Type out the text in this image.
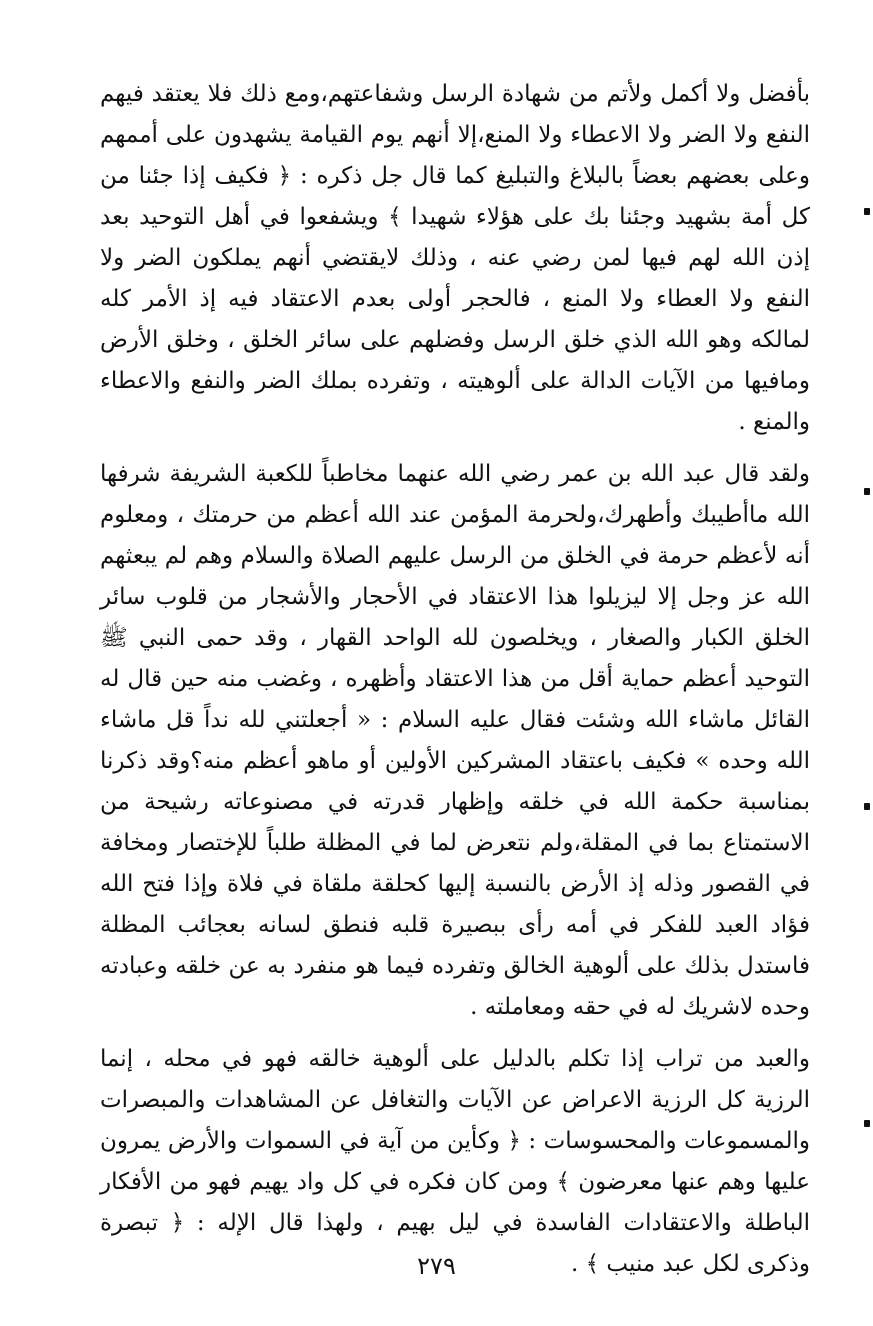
بأفضل ولا أكمل ولأتم من شهادة الرسل وشفاعتهم،ومع ذلك فلا يعتقد فيهم النفع ولا الضر ولا الاعطاء ولا المنع،إلا أنهم يوم القيامة يشهدون على أممهم وعلى بعضهم بعضاً بالبلاغ والتبليغ كما قال جل ذكره : ﴿ فكيف إذا جئنا من كل أمة بشهيد وجئنا بك على هؤلاء شهيدا ﴾ ويشفعوا في أهل التوحيد بعد إذن الله لهم فيها لمن رضي عنه ، وذلك لايقتضي أنهم يملكون الضر ولا النفع ولا العطاء ولا المنع ، فالحجر أولى بعدم الاعتقاد فيه إذ الأمر كله لمالكه وهو الله الذي خلق الرسل وفضلهم على سائر الخلق ، وخلق الأرض ومافيها من الآيات الدالة على ألوهيته ، وتفرده بملك الضر والنفع والاعطاء والمنع .

ولقد قال عبد الله بن عمر رضي الله عنهما مخاطباً للكعبة الشريفة شرفها الله ماأطيبك وأطهرك،ولحرمة المؤمن عند الله أعظم من حرمتك ، ومعلوم أنه لأعظم حرمة في الخلق من الرسل عليهم الصلاة والسلام وهم لم يبعثهم الله عز وجل إلا ليزيلوا هذا الاعتقاد في الأحجار والأشجار من قلوب سائر الخلق الكبار والصغار ، ويخلصون لله الواحد القهار ، وقد حمى النبي ﷺ التوحيد أعظم حماية أقل من هذا الاعتقاد وأظهره ، وغضب منه حين قال له القائل ماشاء الله وشئت فقال عليه السلام : « أجعلتني لله نداً قل ماشاء الله وحده » فكيف باعتقاد المشركين الأولين أو ماهو أعظم منه؟وقد ذكرنا بمناسبة حكمة الله في خلقه وإظهار قدرته في مصنوعاته رشيحة من الاستمتاع بما في المقلة،ولم نتعرض لما في المظلة طلباً للإختصار ومخافة في القصور وذله إذ الأرض بالنسبة إليها كحلقة ملقاة في فلاة وإذا فتح الله فؤاد العبد للفكر في أمه رأى ببصيرة قلبه فنطق لسانه بعجائب المظلة فاستدل بذلك على ألوهية الخالق وتفرده فيما هو منفرد به عن خلقه وعبادته وحده لاشريك له في حقه ومعاملته .

والعبد من تراب إذا تكلم بالدليل على ألوهية خالقه فهو في محله ، إنما الرزية كل الرزية الاعراض عن الآيات والتغافل عن المشاهدات والمبصرات والمسموعات والمحسوسات : ﴿ وكأين من آية في السموات والأرض يمرون عليها وهم عنها معرضون ﴾ ومن كان فكره في كل واد يهيم فهو من الأفكار الباطلة والاعتقادات الفاسدة في ليل بهيم ، ولهذا قال الإله : ﴿ تبصرة وذكرى لكل عبد منيب ﴾ .

٢٧٩
